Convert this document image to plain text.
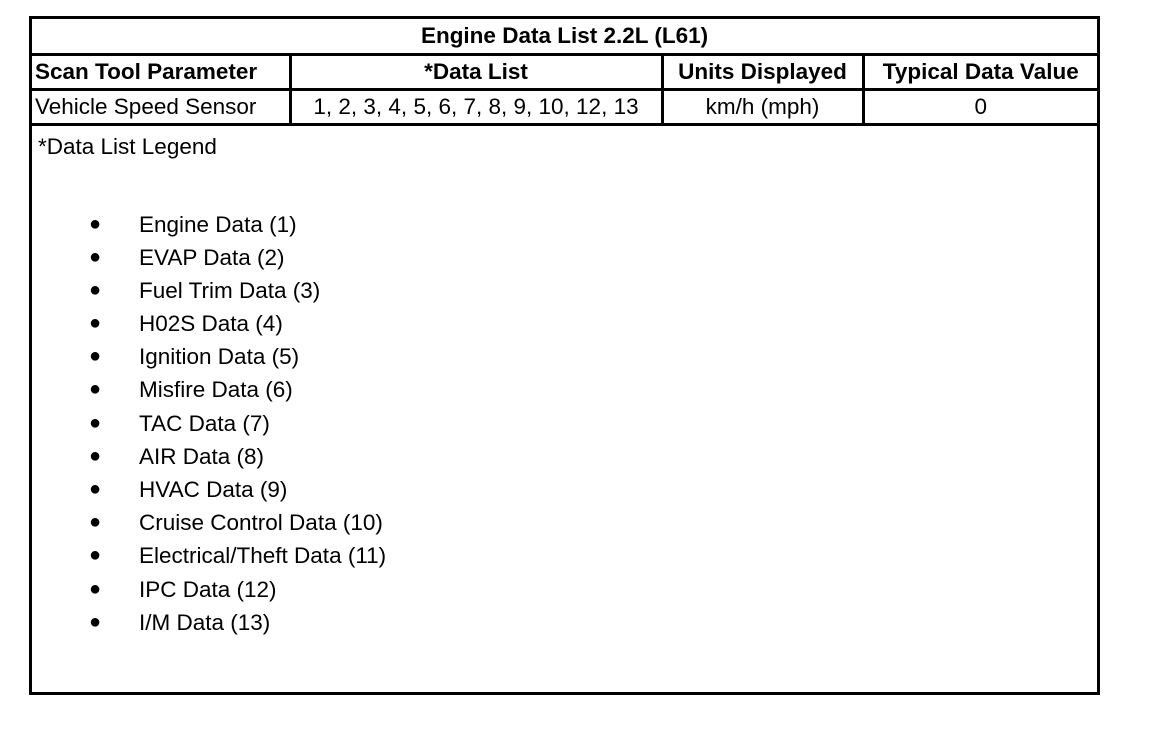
Engine Data List 2.2L (L61)			
Scan Tool Parameter	*Data List	Units Displayed	Typical Data Value
Vehicle Speed Sensor	1, 2, 3, 4, 5, 6, 7, 8, 9, 10, 12, 13	km/h (mph)	0
*Data List Legend
● Engine Data (1)
● EVAP Data (2)
● Fuel Trim Data (3)
● H02S Data (4)
● Ignition Data (5)
● Misfire Data (6)
● TAC Data (7)
● AIR Data (8)
● HVAC Data (9)
● Cruise Control Data (10)
● Electrical/Theft Data (11)
● IPC Data (12)
● I/M Data (13)
